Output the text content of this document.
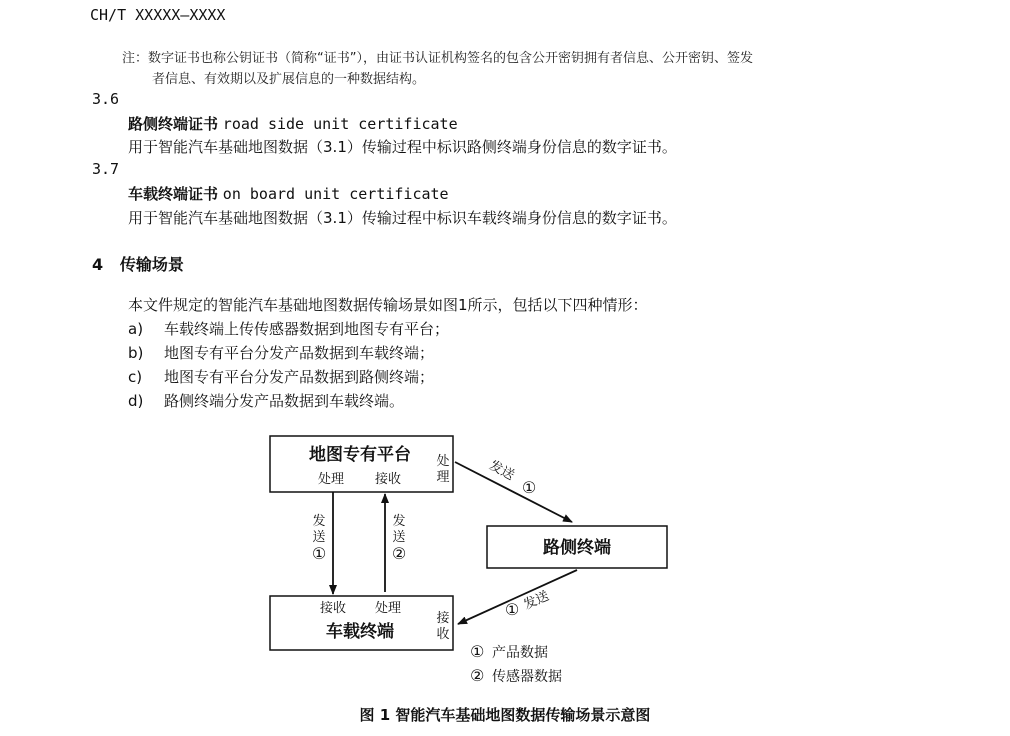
CH/T XXXXX—XXXX
注：数字证书也称公钥证书（简称“证书”），由证书认证机构签名的包含公开密钥拥有者信息、公开密钥、签发
者信息、有效期以及扩展信息的一种数据结构。
3.6
路侧终端证书 road side unit certificate
用于智能汽车基础地图数据（3.1）传输过程中标识路侧终端身份信息的数字证书。
3.7
车载终端证书 on board unit certificate
用于智能汽车基础地图数据（3.1）传输过程中标识车载终端身份信息的数字证书。
4 传输场景
本文件规定的智能汽车基础地图数据传输场景如图1所示，包括以下四种情形：
a) 车载终端上传传感器数据到地图专有平台；
b) 地图专有平台分发产品数据到车载终端；
c) 地图专有平台分发产品数据到路侧终端；
d) 路侧终端分发产品数据到车载终端。
地图专有平台
处理 接收
处
理
路侧终端
接收 处理
车载终端
接
收
发
送
①
发
送
②
发送
①
发送
①
① 产品数据
② 传感器数据
图 1 智能汽车基础地图数据传输场景示意图
